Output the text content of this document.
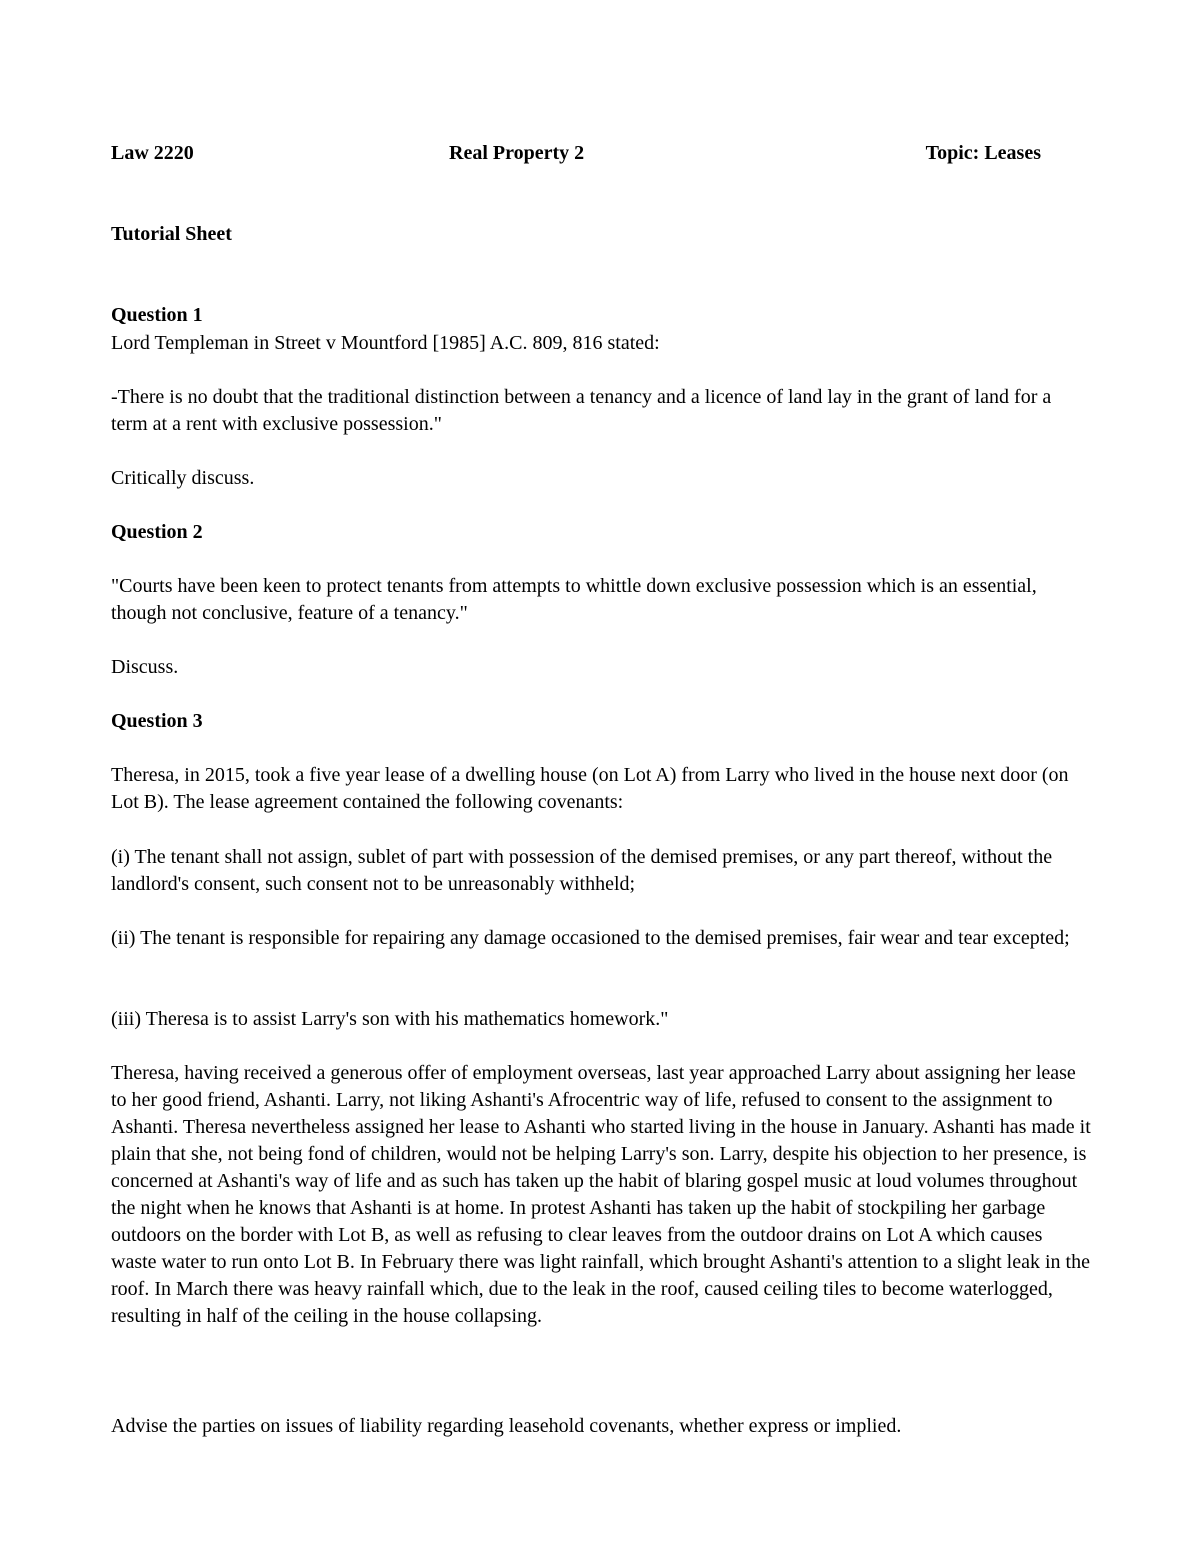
Law 2220	Real Property 2	Topic: Leases

Tutorial Sheet

Question 1

Lord Templeman in Street v Mountford [1985] A.C. 809, 816 stated:

-There is no doubt that the traditional distinction between a tenancy and a licence of land lay in the grant of land for a term at a rent with exclusive possession."

Critically discuss.

Question 2

"Courts have been keen to protect tenants from attempts to whittle down exclusive possession which is an essential, though not conclusive, feature of a tenancy."

Discuss.

Question 3

Theresa, in 2015, took a five year lease of a dwelling house (on Lot A) from Larry who lived in the house next door (on Lot B). The lease agreement contained the following covenants:

(i) The tenant shall not assign, sublet of part with possession of the demised premises, or any part thereof, without the landlord's consent, such consent not to be unreasonably withheld;

(ii) The tenant is responsible for repairing any damage occasioned to the demised premises, fair wear and tear excepted;

(iii) Theresa is to assist Larry's son with his mathematics homework."

Theresa, having received a generous offer of employment overseas, last year approached Larry about assigning her lease to her good friend, Ashanti. Larry, not liking Ashanti's Afrocentric way of life, refused to consent to the assignment to Ashanti. Theresa nevertheless assigned her lease to Ashanti who started living in the house in January. Ashanti has made it plain that she, not being fond of children, would not be helping Larry's son. Larry, despite his objection to her presence, is concerned at Ashanti's way of life and as such has taken up the habit of blaring gospel music at loud volumes throughout the night when he knows that Ashanti is at home. In protest Ashanti has taken up the habit of stockpiling her garbage outdoors on the border with Lot B, as well as refusing to clear leaves from the outdoor drains on Lot A which causes waste water to run onto Lot B. In February there was light rainfall, which brought Ashanti's attention to a slight leak in the roof. In March there was heavy rainfall which, due to the leak in the roof, caused ceiling tiles to become waterlogged, resulting in half of the ceiling in the house collapsing.

Advise the parties on issues of liability regarding leasehold covenants, whether express or implied.
